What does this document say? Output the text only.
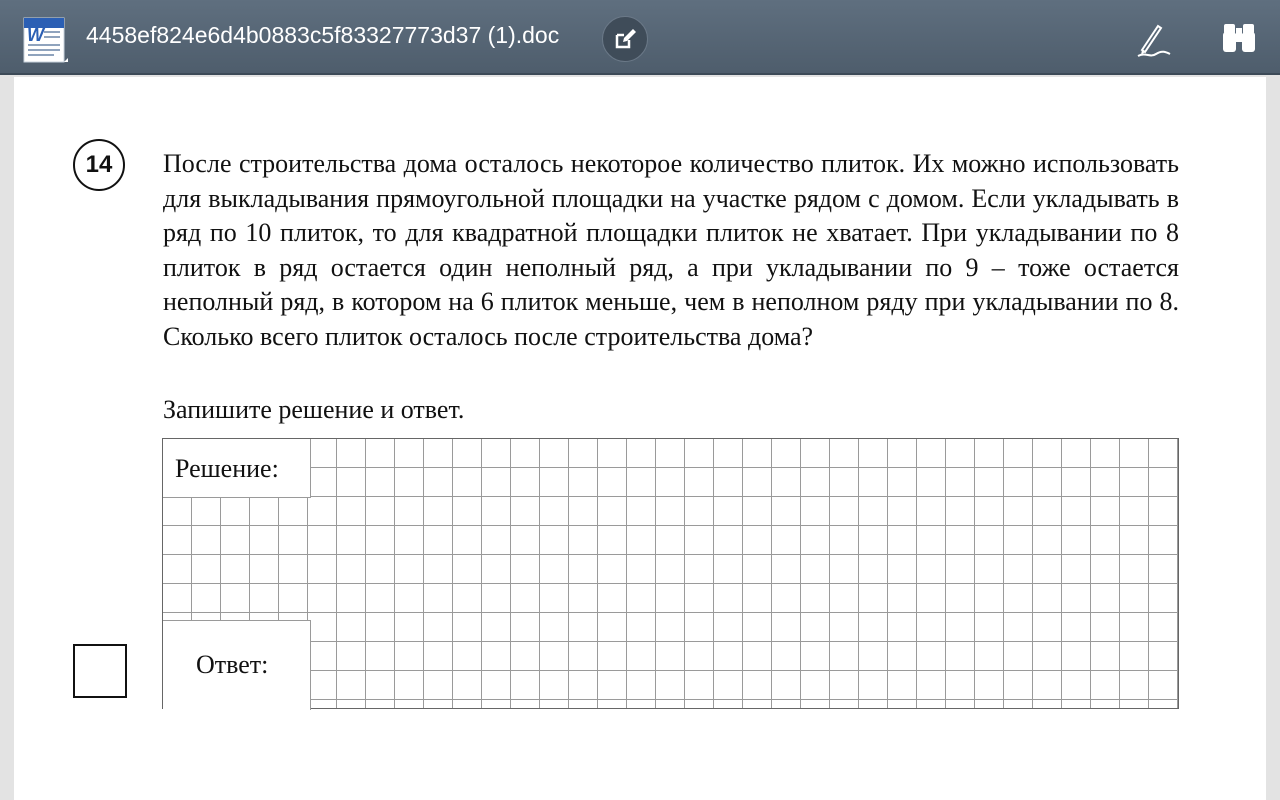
W 4458ef824e6d4b0883c5f83327773d37 (1).doc
14	После строительства дома осталось некоторое количество плиток. Их можно использовать для выкладывания прямоугольной площадки на участке рядом с домом. Если укладывать в ряд по 10 плиток, то для квадратной площадки плиток не хватает. При укладывании по 8 плиток в ряд остается один неполный ряд, а при укладывании по 9 – тоже остается неполный ряд, в котором на 6 плиток меньше, чем в неполном ряду при укладывании по 8. Сколько всего плиток осталось после строительства дома?

Запишите решение и ответ.
Решение:
Ответ:
